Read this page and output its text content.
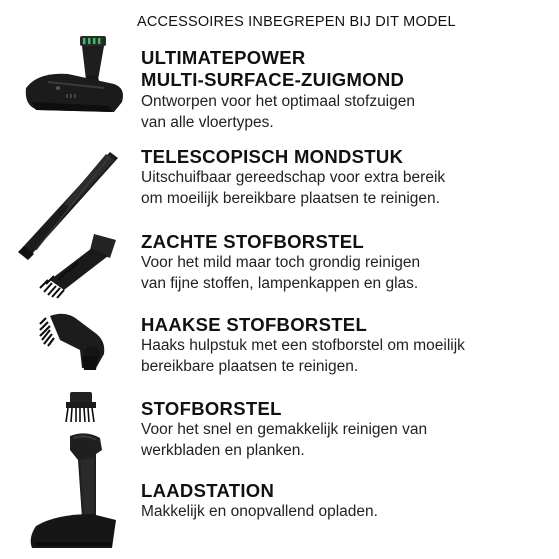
ACCESSOIRES INBEGREPEN BIJ DIT MODEL
ULTIMATEPOWER
MULTI-SURFACE-ZUIGMOND
Ontworpen voor het optimaal stofzuigen
van alle vloertypes.
TELESCOPISCH MONDSTUK
Uitschuifbaar gereedschap voor extra bereik
om moeilijk bereikbare plaatsen te reinigen.
ZACHTE STOFBORSTEL
Voor het mild maar toch grondig reinigen
van fijne stoffen, lampenkappen en glas.
HAAKSE STOFBORSTEL
Haaks hulpstuk met een stofborstel om moeilijk
bereikbare plaatsen te reinigen.
STOFBORSTEL
Voor het snel en gemakkelijk reinigen van
werkbladen en planken.
LAADSTATION
Makkelijk en onopvallend opladen.
